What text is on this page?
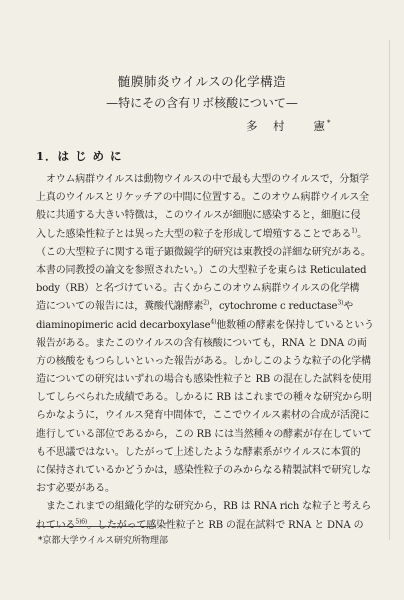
髄膜肺炎ウイルスの化学構造
—特にその含有リボ核酸について—
多　村　　憲*
1．は じ め に
　オウム病群ウイルスは動物ウイルスの中で最も大型のウイルスで，分類学
上真のウイルスとリケッチアの中間に位置する。このオウム病群ウイルス全
般に共通する大きい特徴は，このウイルスが細胞に感染すると，細胞に侵
入した感染性粒子とは異った大型の粒子を形成して増殖することである$^{1)}$。
（この大型粒子に関する電子顕微鏡学的研究は東教授の詳細な研究がある。
本書の同教授の論文を参照されたい。）この大型粒子を東らは Reticulated
body（RB）と名づけている。古くからこのオウム病群ウイルスの化学構
造についての報告には，糞酸代謝酵素$^{2)}$，cytochrome c reductase$^{3)}$や
diaminopimeric acid decarboxylase$^{4)}$他数種の酵素を保持しているという
報告がある。またこのウイルスの含有核酸についても，RNA と DNA の両
方の核酸をもつらしいといった報告がある。しかしこのような粒子の化学構
造についての研究はいずれの場合も感染性粒子と RB の混在した試料を使用
してしらべられた成績である。しかるに RB はこれまでの種々な研究から明
らかなように，ウイルス発育中間体で，ここでウイルス素材の合成が活溌に
進行している部位であるから，この RB には当然種々の酵素が存在していて
も不思議ではない。したがって上述したような酵素系がウイルスに本質的
に保持されているかどうかは，感染性粒子のみからなる精製試料で研究しな
おす必要がある。
　またこれまでの組織化学的な研究から，RB は RNA rich な粒子と考えら
れている$^{5)6)}$。したがって感染性粒子と RB の混在試料で RNA と DNA の
*京都大学ウイルス研究所物理部
